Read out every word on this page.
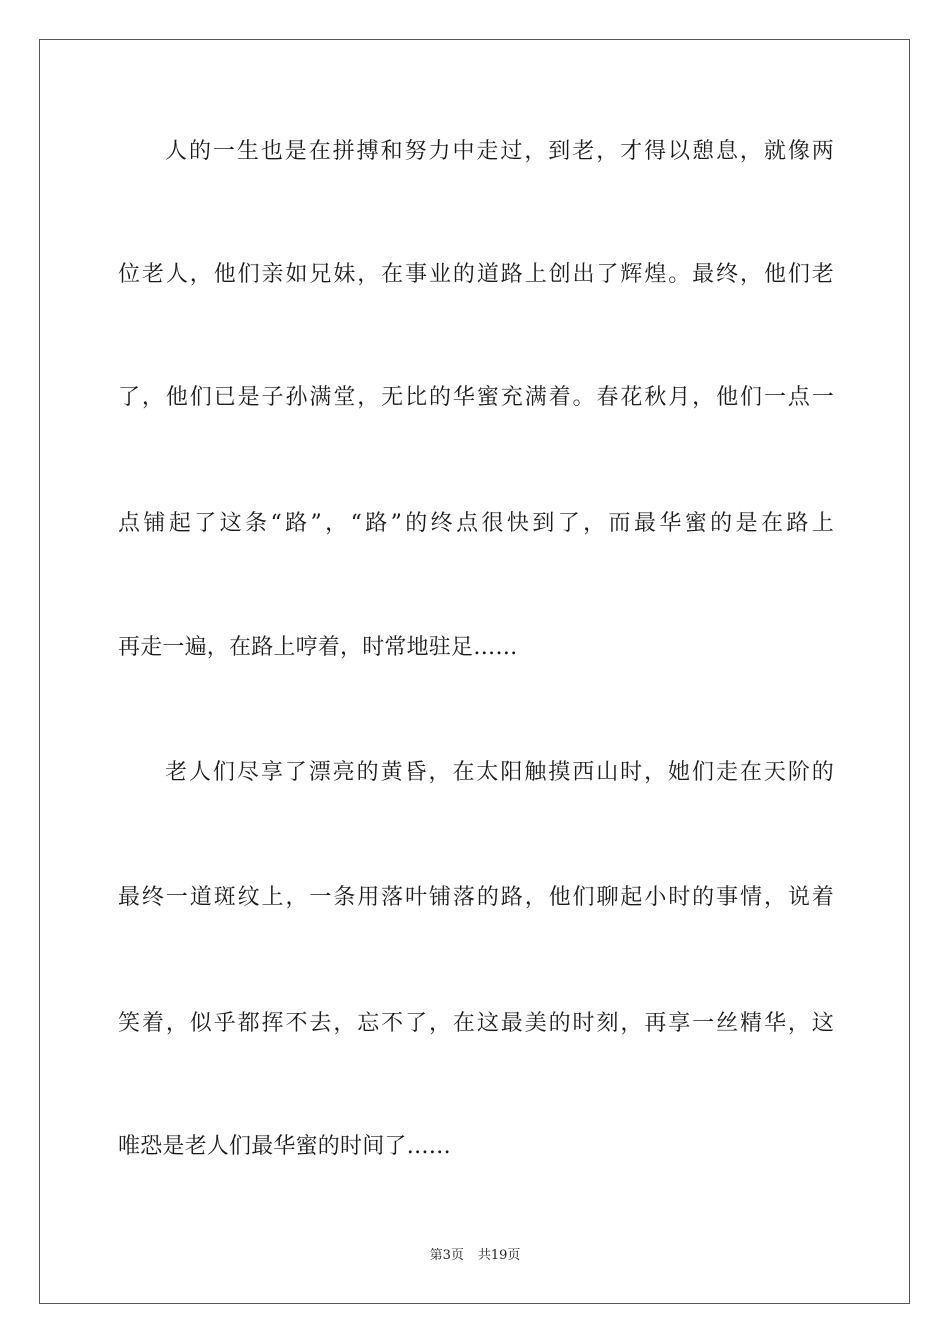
人的一生也是在拼搏和努力中走过，到老，才得以憩息，就像两
位老人，他们亲如兄妹，在事业的道路上创出了辉煌。最终，他们老
了，他们已是子孙满堂，无比的华蜜充满着。春花秋月，他们一点一
点铺起了这条“路”，“路”的终点很快到了，而最华蜜的是在路上
再走一遍，在路上哼着，时常地驻足……
老人们尽享了漂亮的黄昏，在太阳触摸西山时，她们走在天阶的
最终一道斑纹上，一条用落叶铺落的路，他们聊起小时的事情，说着
笑着，似乎都挥不去，忘不了，在这最美的时刻，再享一丝精华，这
唯恐是老人们最华蜜的时间了……
第3页 共19页
